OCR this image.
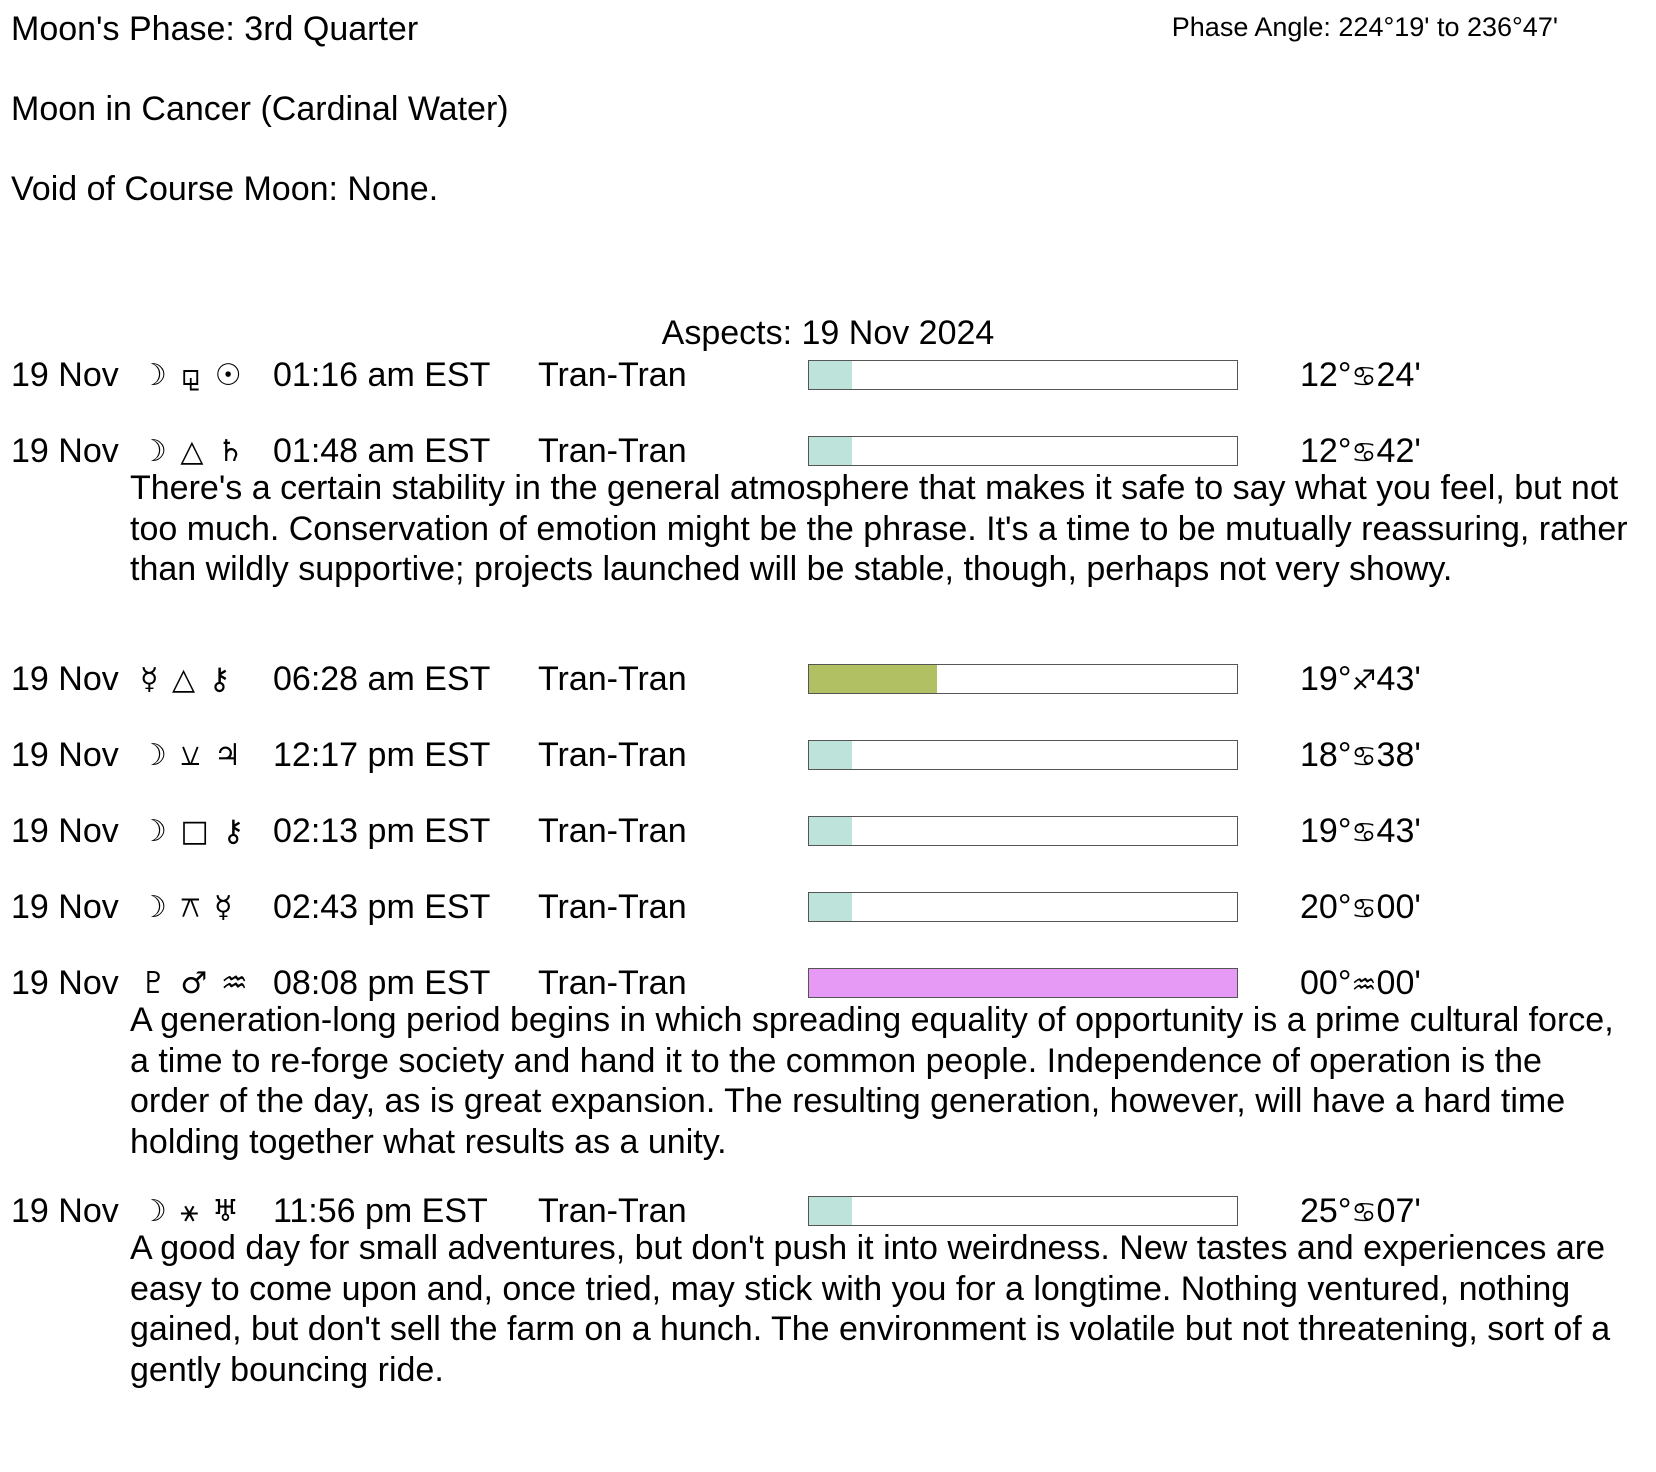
Moon's Phase: 3rd Quarter	Phase Angle: 224°19' to 236°47'
Moon in Cancer (Cardinal Water)
Void of Course Moon: None.
Aspects: 19 Nov 2024
19 Nov ☽ ⚼ ☉ 01:16 am EST Tran-Tran	12°♋24'
19 Nov ☽ △ ♄ 01:48 am EST Tran-Tran	12°♋42'
There's a certain stability in the general atmosphere that makes it safe to say what you feel, but not too much. Conservation of emotion might be the phrase. It's a time to be mutually reassuring, rather than wildly supportive; projects launched will be stable, though, perhaps not very showy.
19 Nov ☿ △ ⚷ 06:28 am EST Tran-Tran	19°♐43'
19 Nov ☽ ⚺ ♃ 12:17 pm EST Tran-Tran	18°♋38'
19 Nov ☽ □ ⚷ 02:13 pm EST Tran-Tran	19°♋43'
19 Nov ☽ ⚻ ☿ 02:43 pm EST Tran-Tran	20°♋00'
19 Nov ♇ ♂ ♒ 08:08 pm EST Tran-Tran	00°♒00'
A generation-long period begins in which spreading equality of opportunity is a prime cultural force, a time to re-forge society and hand it to the common people. Independence of operation is the order of the day, as is great expansion. The resulting generation, however, will have a hard time holding together what results as a unity.
19 Nov ☽ ⚹ ♅ 11:56 pm EST Tran-Tran	25°♋07'
A good day for small adventures, but don't push it into weirdness. New tastes and experiences are easy to come upon and, once tried, may stick with you for a longtime. Nothing ventured, nothing gained, but don't sell the farm on a hunch. The environment is volatile but not threatening, sort of a gently bouncing ride.
